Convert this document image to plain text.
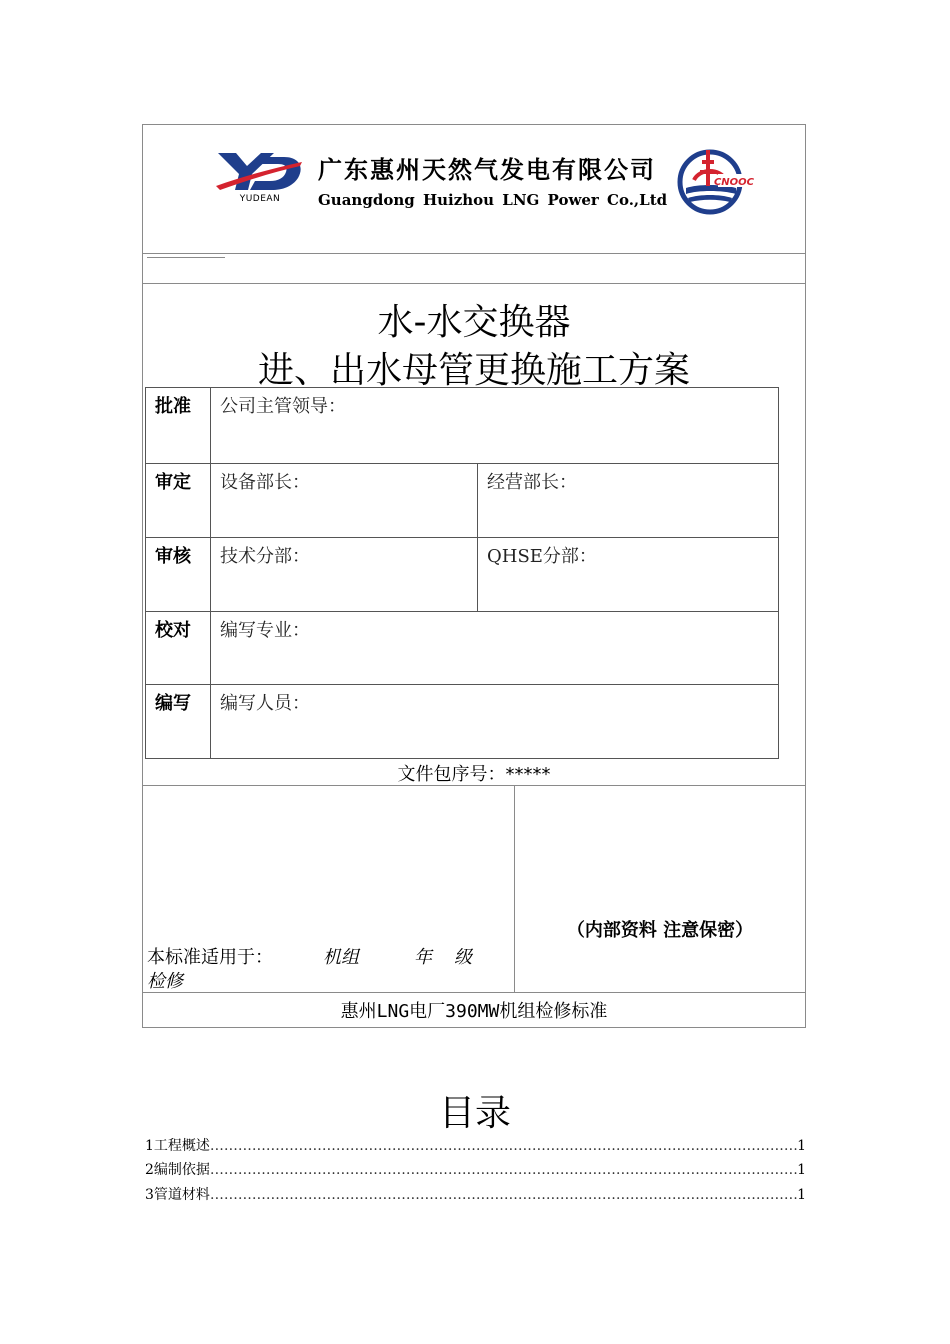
YUDEAN
广东惠州天然气发电有限公司
Guangdong Huizhou LNG Power Co.,Ltd
CNOOC
水-水交换器
进、出水母管更换施工方案
批准	公司主管领导：	
审定	设备部长：	经营部长：
审核	技术分部：	QHSE分部：
校对	编写专业：	
编写	编写人员：	
文件包序号：*****
本标准适用于：	机组	年 级
检修
（内部资料 注意保密）
惠州LNG电厂390MW机组检修标准
目录
1工程概述 ……………………………………………………………………………………………………………………………………………………………………………………………………………………………………………………………	1
2编制依据 ……………………………………………………………………………………………………………………………………………………………………………………………………………………………………………………………	1
3管道材料 ……………………………………………………………………………………………………………………………………………………………………………………………………………………………………………………………	1
